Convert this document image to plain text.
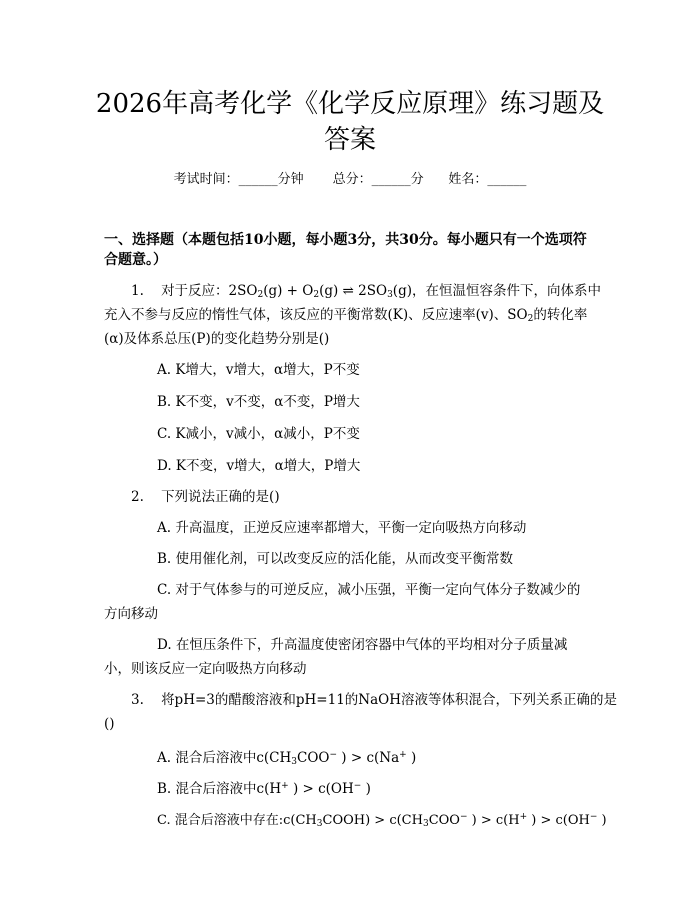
2026年高考化学《化学反应原理》练习题及
答案
考试时间：______分钟 总分：______分 姓名：______
一、选择题（本题包括10小题，每小题3分，共30分。每小题只有一个选项符
合题意。）
1. 对于反应：$2SO_2(g) + O_2(g)$ ⇌ $2SO_3(g)$，在恒温恒容条件下，向体系中
充入不参与反应的惰性气体，该反应的平衡常数(K)、反应速率(v)、$SO_2$的转化率
(α)及体系总压(P)的变化趋势分别是()
A. K增大，v增大，α增大，P不变
B. K不变，v不变，α不变，P增大
C. K减小，v减小，α减小，P不变
D. K不变，v增大，α增大，P增大
2. 下列说法正确的是()
A. 升高温度，正逆反应速率都增大，平衡一定向吸热方向移动
B. 使用催化剂，可以改变反应的活化能，从而改变平衡常数
C. 对于气体参与的可逆反应，减小压强，平衡一定向气体分子数减少的
方向移动
D. 在恒压条件下，升高温度使密闭容器中气体的平均相对分子质量减
小，则该反应一定向吸热方向移动
3. 将pH=3的醋酸溶液和pH=11的NaOH溶液等体积混合，下列关系正确的是
()
A. 混合后溶液中$c(CH_3COO^-$ ) > c(Na+ )
B. 混合后溶液中c(H+ ) > c(OH− )
C. 混合后溶液中存在$:c(CH_3COOH) > c(CH_3COO^-$ ) > c(H+ ) > c(OH− )
